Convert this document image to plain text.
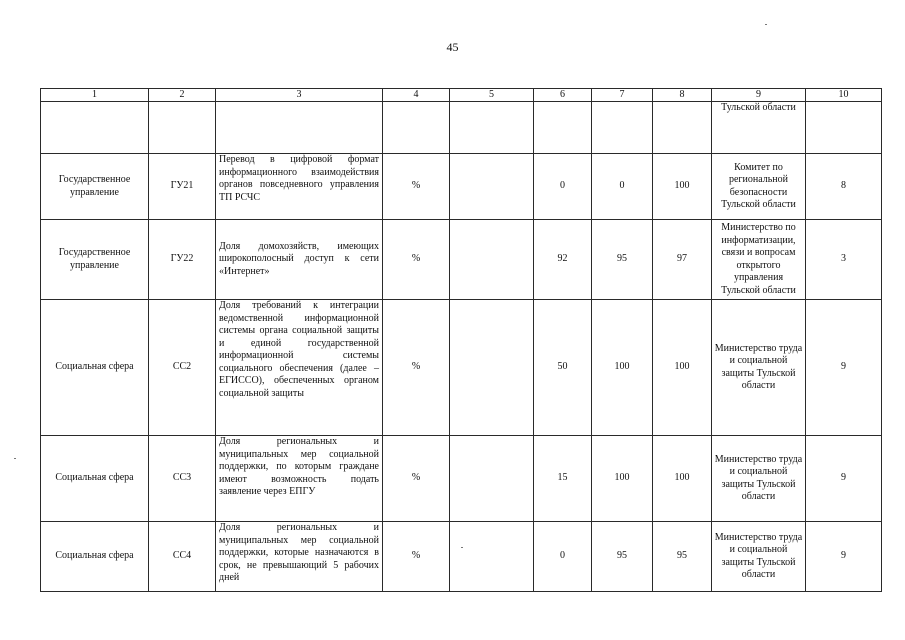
45
1	2	3	4	5	6	7	8	9	10
								Тульской области	
Государственное управление	ГУ21	Перевод в цифровой формат информационного взаимодействия органов повседневного управления ТП РСЧС	%		0	0	100	Комитет по региональной безопасности Тульской области	8
Государственное управление	ГУ22	Доля домохозяйств, имеющих широкополосный доступ к сети «Интернет»	%		92	95	97	Министерство по информатизации, связи и вопросам открытого управления Тульской области	3
Социальная сфера	СС2	Доля требований к интеграции ведомственной информационной системы органа социальной защиты и единой государственной информационной системы социального обеспечения (далее – ЕГИССО), обеспеченных органом социальной защиты	%		50	100	100	Министерство труда и социальной защиты Тульской области	9
Социальная сфера	СС3	Доля региональных и муниципальных мер социальной поддержки, по которым граждане имеют возможность подать заявление через ЕПГУ	%		15	100	100	Министерство труда и социальной защиты Тульской области	9
Социальная сфера	СС4	Доля региональных и муниципальных мер социальной поддержки, которые назначаются в срок, не превышающий 5 рабочих дней	%		0	95	95	Министерство труда и социальной защиты Тульской области	9
